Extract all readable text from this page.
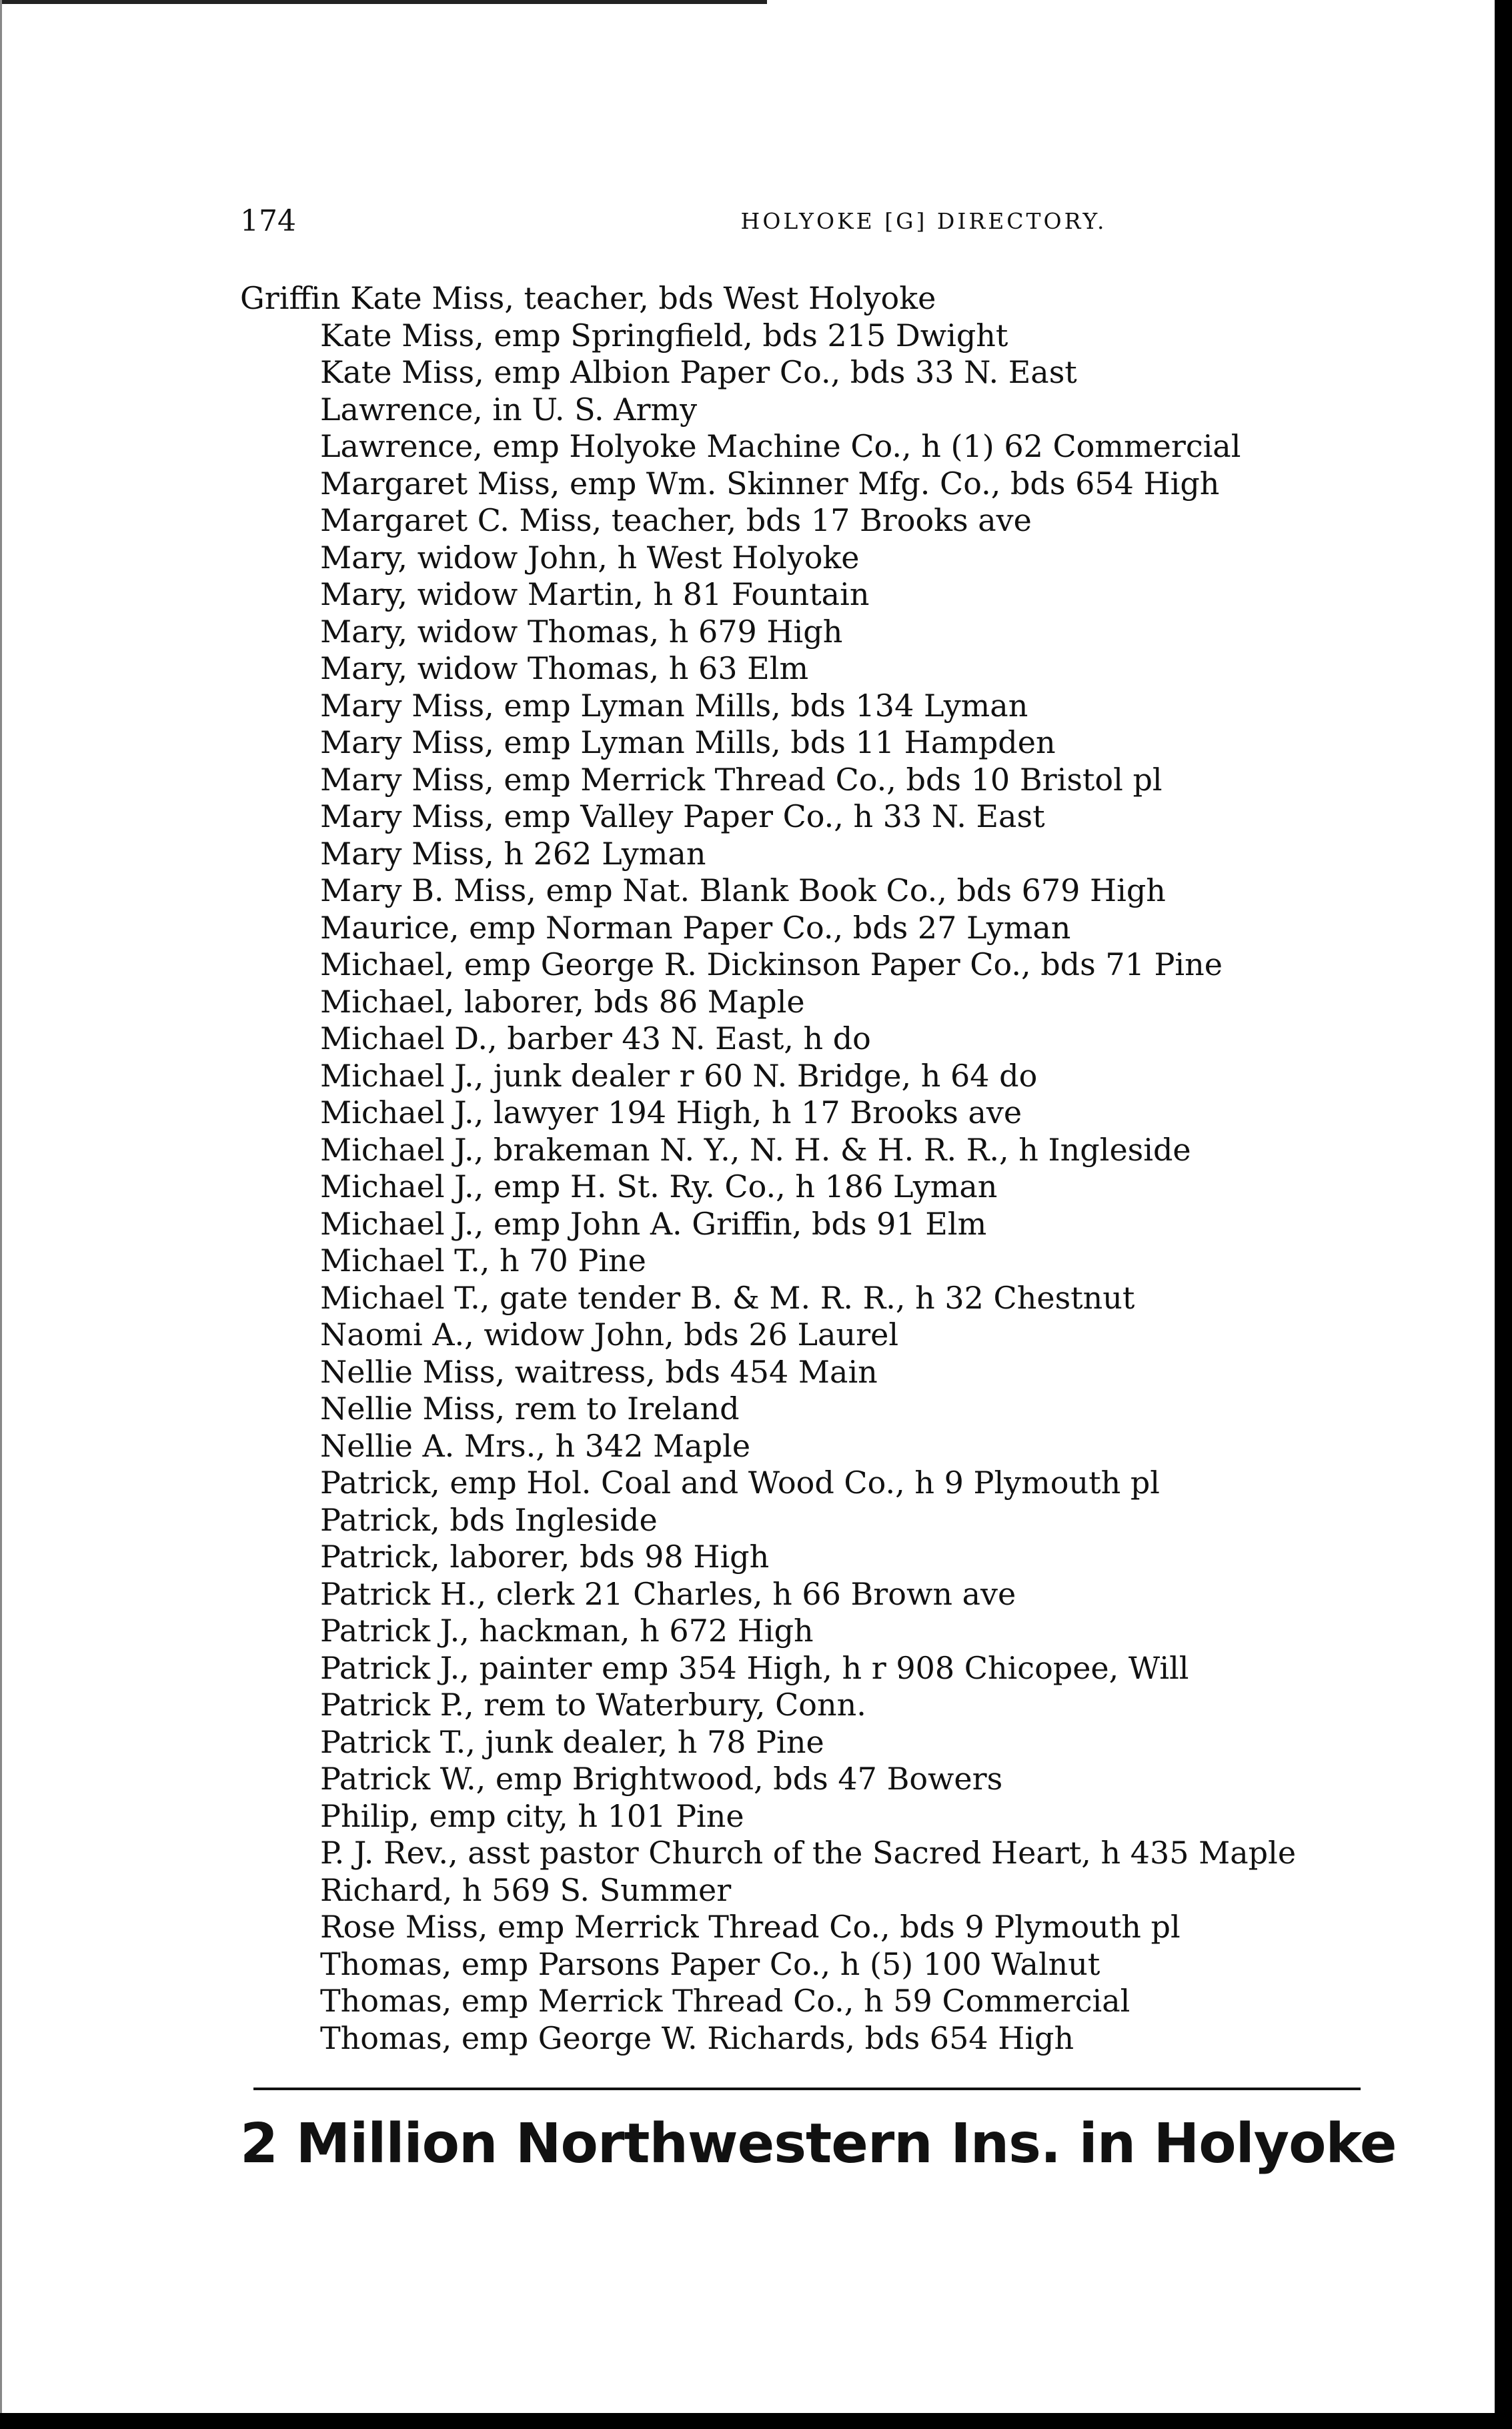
174	HOLYOKE [G] DIRECTORY.
Griffin Kate Miss, teacher, bds West Holyoke
Kate Miss, emp Springfield, bds 215 Dwight
Kate Miss, emp Albion Paper Co., bds 33 N. East
Lawrence, in U. S. Army
Lawrence, emp Holyoke Machine Co., h (1) 62 Commercial
Margaret Miss, emp Wm. Skinner Mfg. Co., bds 654 High
Margaret C. Miss, teacher, bds 17 Brooks ave
Mary, widow John, h West Holyoke
Mary, widow Martin, h 81 Fountain
Mary, widow Thomas, h 679 High
Mary, widow Thomas, h 63 Elm
Mary Miss, emp Lyman Mills, bds 134 Lyman
Mary Miss, emp Lyman Mills, bds 11 Hampden
Mary Miss, emp Merrick Thread Co., bds 10 Bristol pl
Mary Miss, emp Valley Paper Co., h 33 N. East
Mary Miss, h 262 Lyman
Mary B. Miss, emp Nat. Blank Book Co., bds 679 High
Maurice, emp Norman Paper Co., bds 27 Lyman
Michael, emp George R. Dickinson Paper Co., bds 71 Pine
Michael, laborer, bds 86 Maple
Michael D., barber 43 N. East, h do
Michael J., junk dealer r 60 N. Bridge, h 64 do
Michael J., lawyer 194 High, h 17 Brooks ave
Michael J., brakeman N. Y., N. H. & H. R. R., h Ingleside
Michael J., emp H. St. Ry. Co., h 186 Lyman
Michael J., emp John A. Griffin, bds 91 Elm
Michael T., h 70 Pine
Michael T., gate tender B. & M. R. R., h 32 Chestnut
Naomi A., widow John, bds 26 Laurel
Nellie Miss, waitress, bds 454 Main
Nellie Miss, rem to Ireland
Nellie A. Mrs., h 342 Maple
Patrick, emp Hol. Coal and Wood Co., h 9 Plymouth pl
Patrick, bds Ingleside
Patrick, laborer, bds 98 High
Patrick H., clerk 21 Charles, h 66 Brown ave
Patrick J., hackman, h 672 High
Patrick J., painter emp 354 High, h r 908 Chicopee, Will
Patrick P., rem to Waterbury, Conn.
Patrick T., junk dealer, h 78 Pine
Patrick W., emp Brightwood, bds 47 Bowers
Philip, emp city, h 101 Pine
P. J. Rev., asst pastor Church of the Sacred Heart, h 435 Maple
Richard, h 569 S. Summer
Rose Miss, emp Merrick Thread Co., bds 9 Plymouth pl
Thomas, emp Parsons Paper Co., h (5) 100 Walnut
Thomas, emp Merrick Thread Co., h 59 Commercial
Thomas, emp George W. Richards, bds 654 High
2 Million Northwestern Ins. in Holyoke
